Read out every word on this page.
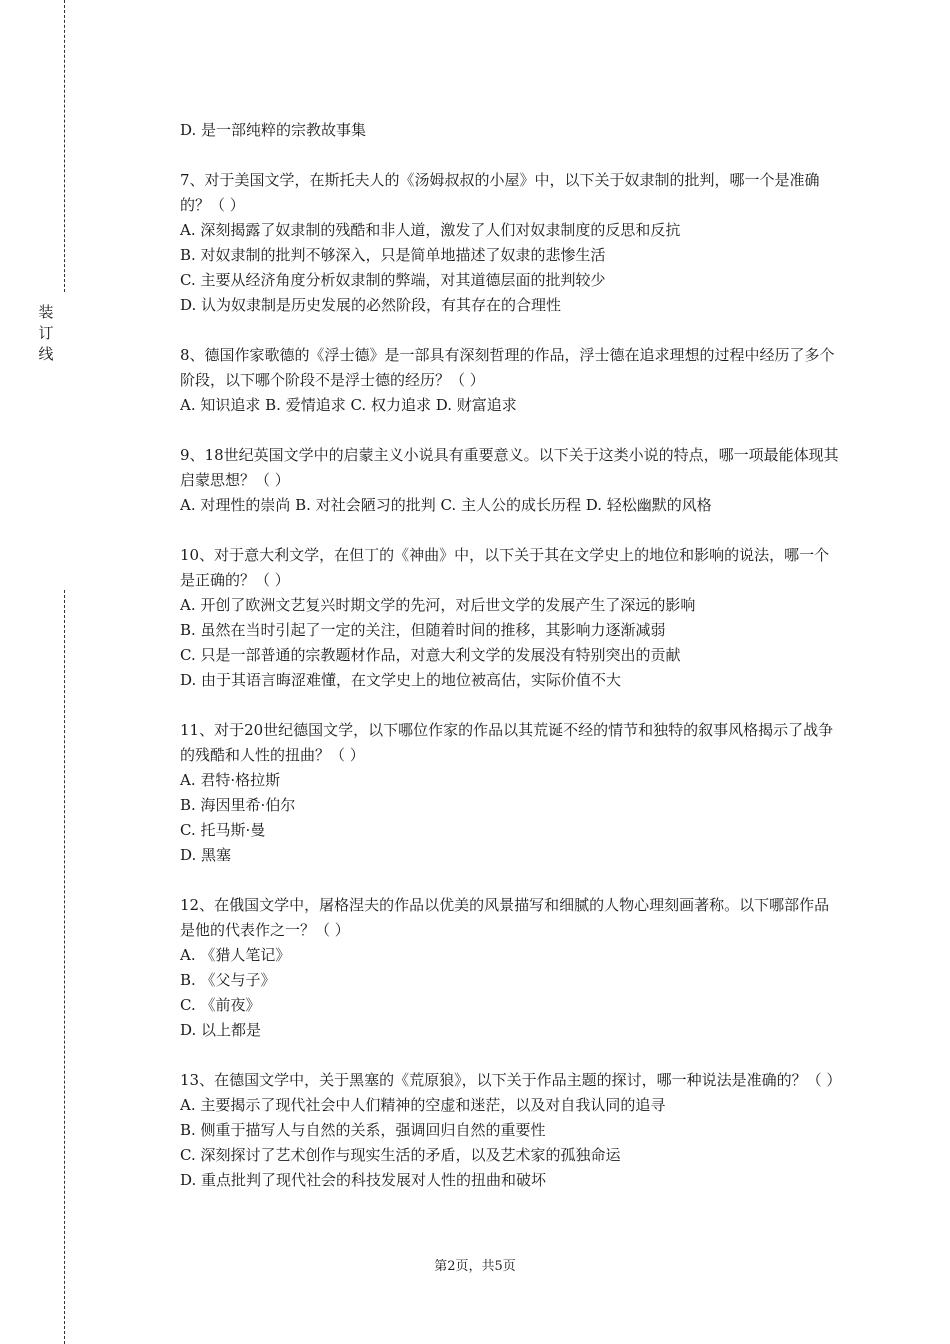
装
订
线
D. 是一部纯粹的宗教故事集
7、对于美国文学，在斯托夫人的《汤姆叔叔的小屋》中，以下关于奴隶制的批判，哪一个是准确的？（ ）
A. 深刻揭露了奴隶制的残酷和非人道，激发了人们对奴隶制度的反思和反抗
B. 对奴隶制的批判不够深入，只是简单地描述了奴隶的悲惨生活
C. 主要从经济角度分析奴隶制的弊端，对其道德层面的批判较少
D. 认为奴隶制是历史发展的必然阶段，有其存在的合理性
8、德国作家歌德的《浮士德》是一部具有深刻哲理的作品，浮士德在追求理想的过程中经历了多个阶段，以下哪个阶段不是浮士德的经历？（ ）
A. 知识追求 B. 爱情追求 C. 权力追求 D. 财富追求
9、18世纪英国文学中的启蒙主义小说具有重要意义。以下关于这类小说的特点，哪一项最能体现其启蒙思想？（ ）
A. 对理性的崇尚 B. 对社会陋习的批判 C. 主人公的成长历程 D. 轻松幽默的风格
10、对于意大利文学，在但丁的《神曲》中，以下关于其在文学史上的地位和影响的说法，哪一个是正确的？（ ）
A. 开创了欧洲文艺复兴时期文学的先河，对后世文学的发展产生了深远的影响
B. 虽然在当时引起了一定的关注，但随着时间的推移，其影响力逐渐减弱
C. 只是一部普通的宗教题材作品，对意大利文学的发展没有特别突出的贡献
D. 由于其语言晦涩难懂，在文学史上的地位被高估，实际价值不大
11、对于20世纪德国文学，以下哪位作家的作品以其荒诞不经的情节和独特的叙事风格揭示了战争的残酷和人性的扭曲？（ ）
A. 君特·格拉斯
B. 海因里希·伯尔
C. 托马斯·曼
D. 黑塞
12、在俄国文学中，屠格涅夫的作品以优美的风景描写和细腻的人物心理刻画著称。以下哪部作品是他的代表作之一？（ ）
A. 《猎人笔记》
B. 《父与子》
C. 《前夜》
D. 以上都是
13、在德国文学中，关于黑塞的《荒原狼》，以下关于作品主题的探讨，哪一种说法是准确的？（ ）
A. 主要揭示了现代社会中人们精神的空虚和迷茫，以及对自我认同的追寻
B. 侧重于描写人与自然的关系，强调回归自然的重要性
C. 深刻探讨了艺术创作与现实生活的矛盾，以及艺术家的孤独命运
D. 重点批判了现代社会的科技发展对人性的扭曲和破坏
第2页，共5页
